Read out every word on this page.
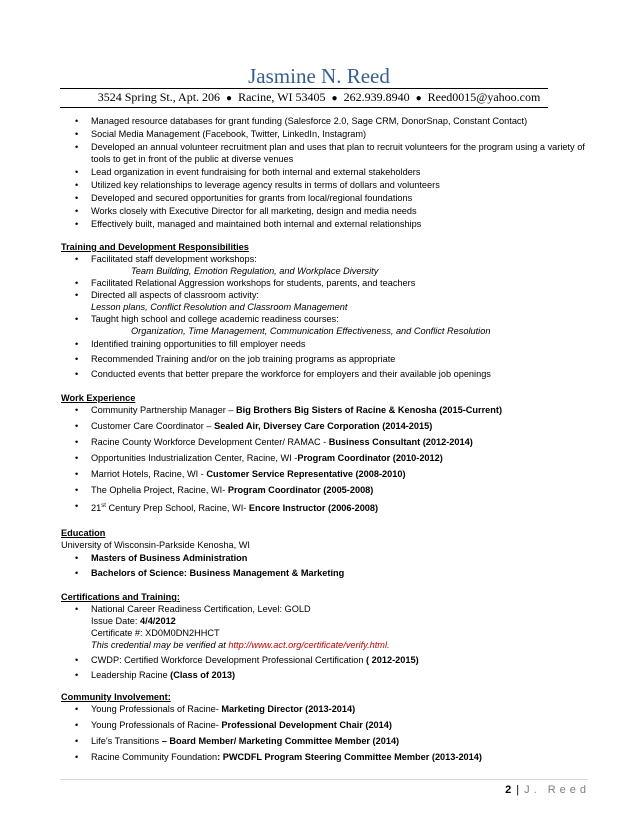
Jasmine N. Reed
3524 Spring St., Apt. 206 ● Racine, WI 53405 ● 262.939.8940 ● Reed0015@yahoo.com
• Managed resource databases for grant funding (Salesforce 2.0, Sage CRM, DonorSnap, Constant Contact)
• Social Media Management (Facebook, Twitter, LinkedIn, Instagram)
• Developed an annual volunteer recruitment plan and uses that plan to recruit volunteers for the program using a variety of tools to get in front of the public at diverse venues
• Lead organization in event fundraising for both internal and external stakeholders
• Utilized key relationships to leverage agency results in terms of dollars and volunteers
• Developed and secured opportunities for grants from local/regional foundations
• Works closely with Executive Director for all marketing, design and media needs
• Effectively built, managed and maintained both internal and external relationships
Training and Development Responsibilities
• Facilitated staff development workshops:
Team Building, Emotion Regulation, and Workplace Diversity
• Facilitated Relational Aggression workshops for students, parents, and teachers
• Directed all aspects of classroom activity:
Lesson plans, Conflict Resolution and Classroom Management
• Taught high school and college academic readiness courses:
Organization, Time Management, Communication Effectiveness, and Conflict Resolution
• Identified training opportunities to fill employer needs
• Recommended Training and/or on the job training programs as appropriate
• Conducted events that better prepare the workforce for employers and their available job openings
Work Experience
• Community Partnership Manager – Big Brothers Big Sisters of Racine & Kenosha (2015-Current)
• Customer Care Coordinator – Sealed Air, Diversey Care Corporation (2014-2015)
• Racine County Workforce Development Center/ RAMAC - Business Consultant (2012-2014)
• Opportunities Industrialization Center, Racine, WI -Program Coordinator (2010-2012)
• Marriot Hotels, Racine, WI - Customer Service Representative (2008-2010)
• The Ophelia Project, Racine, WI- Program Coordinator (2005-2008)
• 21st Century Prep School, Racine, WI- Encore Instructor (2006-2008)
Education
University of Wisconsin-Parkside Kenosha, WI
• Masters of Business Administration
• Bachelors of Science: Business Management & Marketing
Certifications and Training:
• National Career Readiness Certification, Level: GOLD
Issue Date: 4/4/2012
Certificate #: XD0M0DN2HHCT
This credential may be verified at http://www.act.org/certificate/verify.html.
• CWDP: Certified Workforce Development Professional Certification ( 2012-2015)
• Leadership Racine (Class of 2013)
Community Involvement:
• Young Professionals of Racine- Marketing Director (2013-2014)
• Young Professionals of Racine- Professional Development Chair (2014)
• Life's Transitions – Board Member/ Marketing Committee Member (2014)
• Racine Community Foundation: PWCDFL Program Steering Committee Member (2013-2014)
2 | J. Reed
